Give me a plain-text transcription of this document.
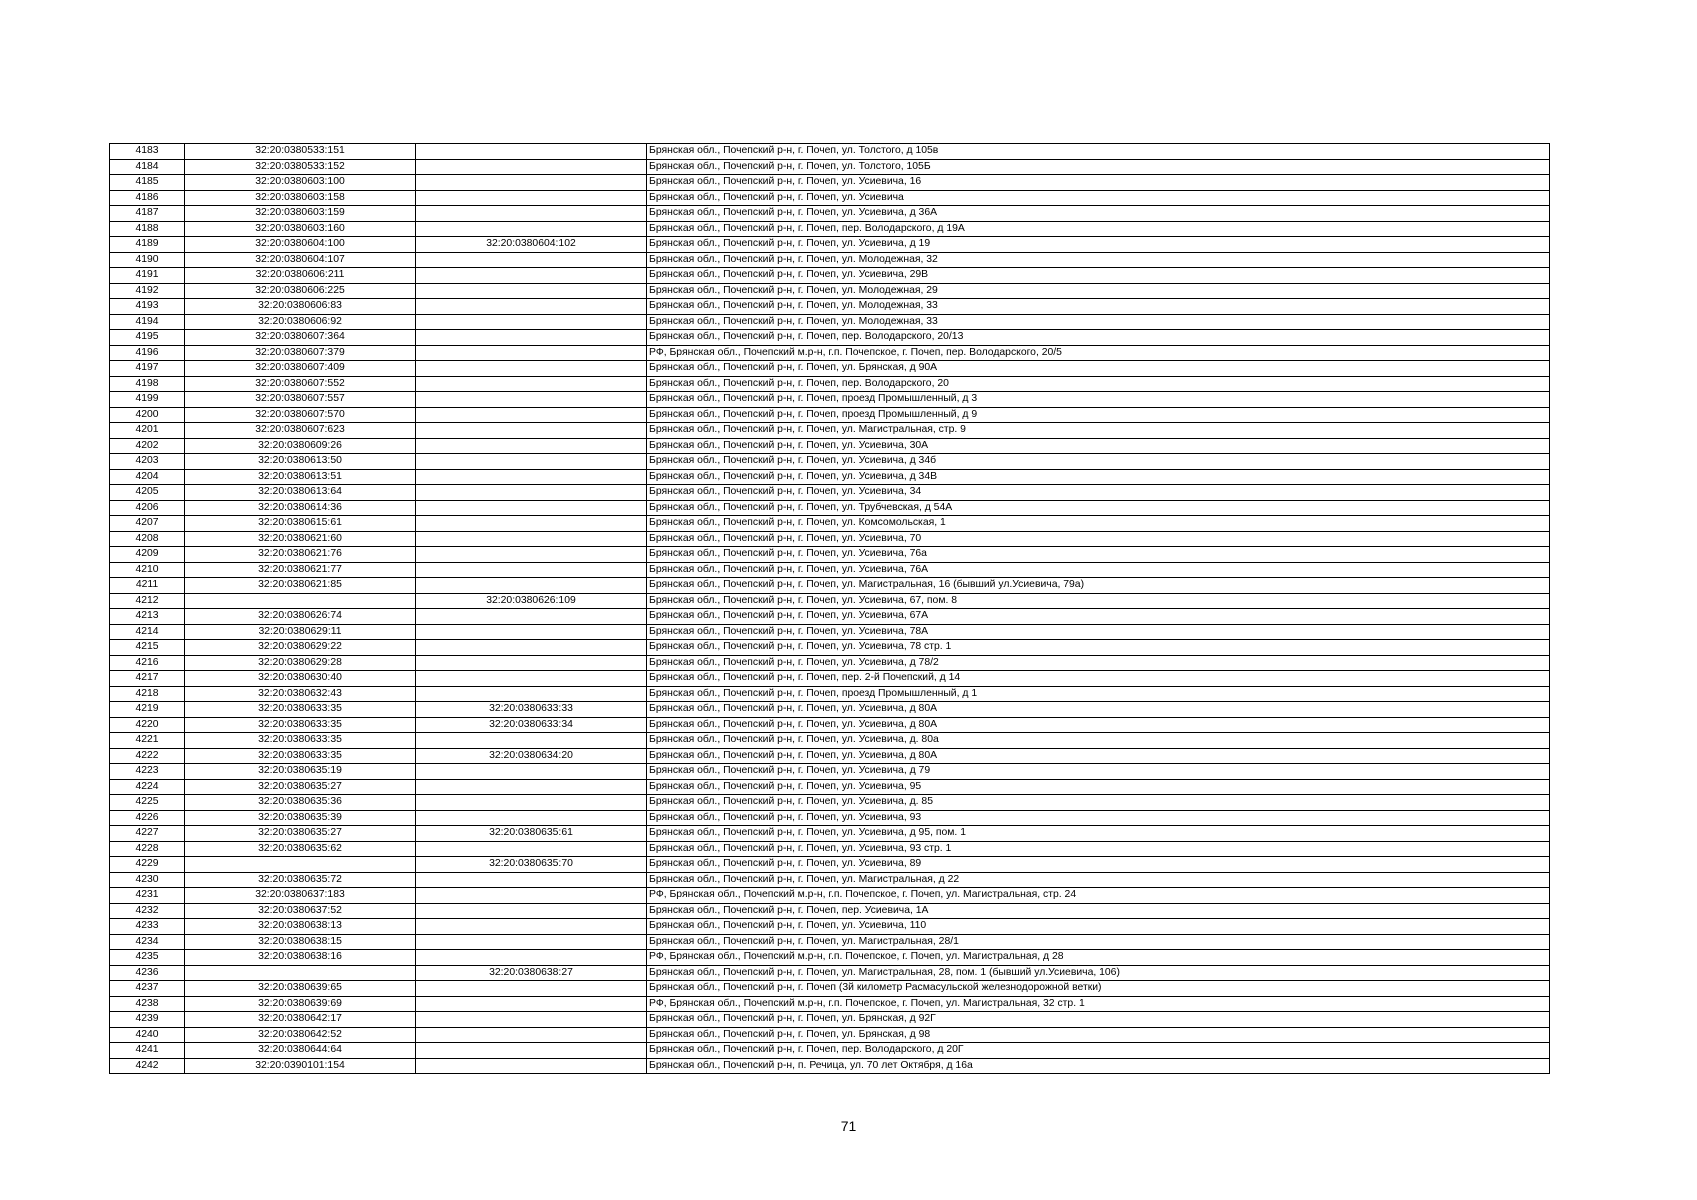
4183	32:20:0380533:151		Брянская обл., Почепский р-н, г. Почеп, ул. Толстого, д 105в
4184	32:20:0380533:152		Брянская обл., Почепский р-н, г. Почеп, ул. Толстого, 105Б
4185	32:20:0380603:100		Брянская обл., Почепский р-н, г. Почеп, ул. Усиевича, 16
4186	32:20:0380603:158		Брянская обл., Почепский р-н, г. Почеп, ул. Усиевича
4187	32:20:0380603:159		Брянская обл., Почепский р-н, г. Почеп, ул. Усиевича, д 36А
4188	32:20:0380603:160		Брянская обл., Почепский р-н, г. Почеп, пер. Володарского, д 19А
4189	32:20:0380604:100	32:20:0380604:102	Брянская обл., Почепский р-н, г. Почеп, ул. Усиевича, д 19
4190	32:20:0380604:107		Брянская обл., Почепский р-н, г. Почеп, ул. Молодежная, 32
4191	32:20:0380606:211		Брянская обл., Почепский р-н, г. Почеп, ул. Усиевича, 29В
4192	32:20:0380606:225		Брянская обл., Почепский р-н, г. Почеп, ул. Молодежная, 29
4193	32:20:0380606:83		Брянская обл., Почепский р-н, г. Почеп, ул. Молодежная, 33
4194	32:20:0380606:92		Брянская обл., Почепский р-н, г. Почеп, ул. Молодежная, 33
4195	32:20:0380607:364		Брянская обл., Почепский р-н, г. Почеп, пер. Володарского, 20/13
4196	32:20:0380607:379		РФ, Брянская обл., Почепский м.р-н, г.п. Почепское, г. Почеп, пер. Володарского, 20/5
4197	32:20:0380607:409		Брянская обл., Почепский р-н, г. Почеп, ул. Брянская, д 90А
4198	32:20:0380607:552		Брянская обл., Почепский р-н, г. Почеп, пер. Володарского, 20
4199	32:20:0380607:557		Брянская обл., Почепский р-н, г. Почеп, проезд Промышленный, д 3
4200	32:20:0380607:570		Брянская обл., Почепский р-н, г. Почеп, проезд Промышленный, д 9
4201	32:20:0380607:623		Брянская обл., Почепский р-н, г. Почеп, ул. Магистральная, стр. 9
4202	32:20:0380609:26		Брянская обл., Почепский р-н, г. Почеп, ул. Усиевича, 30А
4203	32:20:0380613:50		Брянская обл., Почепский р-н, г. Почеп, ул. Усиевича, д 34б
4204	32:20:0380613:51		Брянская обл., Почепский р-н, г. Почеп, ул. Усиевича, д 34В
4205	32:20:0380613:64		Брянская обл., Почепский р-н, г. Почеп, ул. Усиевича, 34
4206	32:20:0380614:36		Брянская обл., Почепский р-н, г. Почеп, ул. Трубчевская, д 54А
4207	32:20:0380615:61		Брянская обл., Почепский р-н, г. Почеп, ул. Комсомольская, 1
4208	32:20:0380621:60		Брянская обл., Почепский р-н, г. Почеп, ул. Усиевича, 70
4209	32:20:0380621:76		Брянская обл., Почепский р-н, г. Почеп, ул. Усиевича, 76а
4210	32:20:0380621:77		Брянская обл., Почепский р-н, г. Почеп, ул. Усиевича, 76А
4211	32:20:0380621:85		Брянская обл., Почепский р-н, г. Почеп, ул. Магистральная, 16 (бывший ул.Усиевича, 79а)
4212		32:20:0380626:109	Брянская обл., Почепский р-н, г. Почеп, ул. Усиевича, 67, пом. 8
4213	32:20:0380626:74		Брянская обл., Почепский р-н, г. Почеп, ул. Усиевича, 67А
4214	32:20:0380629:11		Брянская обл., Почепский р-н, г. Почеп, ул. Усиевича, 78А
4215	32:20:0380629:22		Брянская обл., Почепский р-н, г. Почеп, ул. Усиевича, 78 стр. 1
4216	32:20:0380629:28		Брянская обл., Почепский р-н, г. Почеп, ул. Усиевича, д 78/2
4217	32:20:0380630:40		Брянская обл., Почепский р-н, г. Почеп, пер. 2-й Почепский, д 14
4218	32:20:0380632:43		Брянская обл., Почепский р-н, г. Почеп, проезд Промышленный, д 1
4219	32:20:0380633:35	32:20:0380633:33	Брянская обл., Почепский р-н, г. Почеп, ул. Усиевича, д 80А
4220	32:20:0380633:35	32:20:0380633:34	Брянская обл., Почепский р-н, г. Почеп, ул. Усиевича, д 80А
4221	32:20:0380633:35		Брянская обл., Почепский р-н, г. Почеп, ул. Усиевича, д. 80а
4222	32:20:0380633:35	32:20:0380634:20	Брянская обл., Почепский р-н, г. Почеп, ул. Усиевича, д 80А
4223	32:20:0380635:19		Брянская обл., Почепский р-н, г. Почеп, ул. Усиевича, д 79
4224	32:20:0380635:27		Брянская обл., Почепский р-н, г. Почеп, ул. Усиевича, 95
4225	32:20:0380635:36		Брянская обл., Почепский р-н, г. Почеп, ул. Усиевича, д. 85
4226	32:20:0380635:39		Брянская обл., Почепский р-н, г. Почеп, ул. Усиевича, 93
4227	32:20:0380635:27	32:20:0380635:61	Брянская обл., Почепский р-н, г. Почеп, ул. Усиевича, д 95, пом. 1
4228	32:20:0380635:62		Брянская обл., Почепский р-н, г. Почеп, ул. Усиевича, 93 стр. 1
4229		32:20:0380635:70	Брянская обл., Почепский р-н, г. Почеп, ул. Усиевича, 89
4230	32:20:0380635:72		Брянская обл., Почепский р-н, г. Почеп, ул. Магистральная, д 22
4231	32:20:0380637:183		РФ, Брянская обл., Почепский м.р-н, г.п. Почепское, г. Почеп, ул. Магистральная, стр. 24
4232	32:20:0380637:52		Брянская обл., Почепский р-н, г. Почеп, пер. Усиевича, 1А
4233	32:20:0380638:13		Брянская обл., Почепский р-н, г. Почеп, ул. Усиевича, 110
4234	32:20:0380638:15		Брянская обл., Почепский р-н, г. Почеп, ул. Магистральная, 28/1
4235	32:20:0380638:16		РФ, Брянская обл., Почепский м.р-н, г.п. Почепское, г. Почеп, ул. Магистральная, д 28
4236		32:20:0380638:27	Брянская обл., Почепский р-н, г. Почеп, ул. Магистральная, 28, пом. 1 (бывший ул.Усиевича, 106)
4237	32:20:0380639:65		Брянская обл., Почепский р-н, г. Почеп (3й километр Расмасульской железнодорожной ветки)
4238	32:20:0380639:69		РФ, Брянская обл., Почепский м.р-н, г.п. Почепское, г. Почеп, ул. Магистральная, 32 стр. 1
4239	32:20:0380642:17		Брянская обл., Почепский р-н, г. Почеп, ул. Брянская, д 92Г
4240	32:20:0380642:52		Брянская обл., Почепский р-н, г. Почеп, ул. Брянская, д 98
4241	32:20:0380644:64		Брянская обл., Почепский р-н, г. Почеп, пер. Володарского, д 20Г
4242	32:20:0390101:154		Брянская обл., Почепский р-н, п. Речица, ул. 70 лет Октября, д 16а
71
